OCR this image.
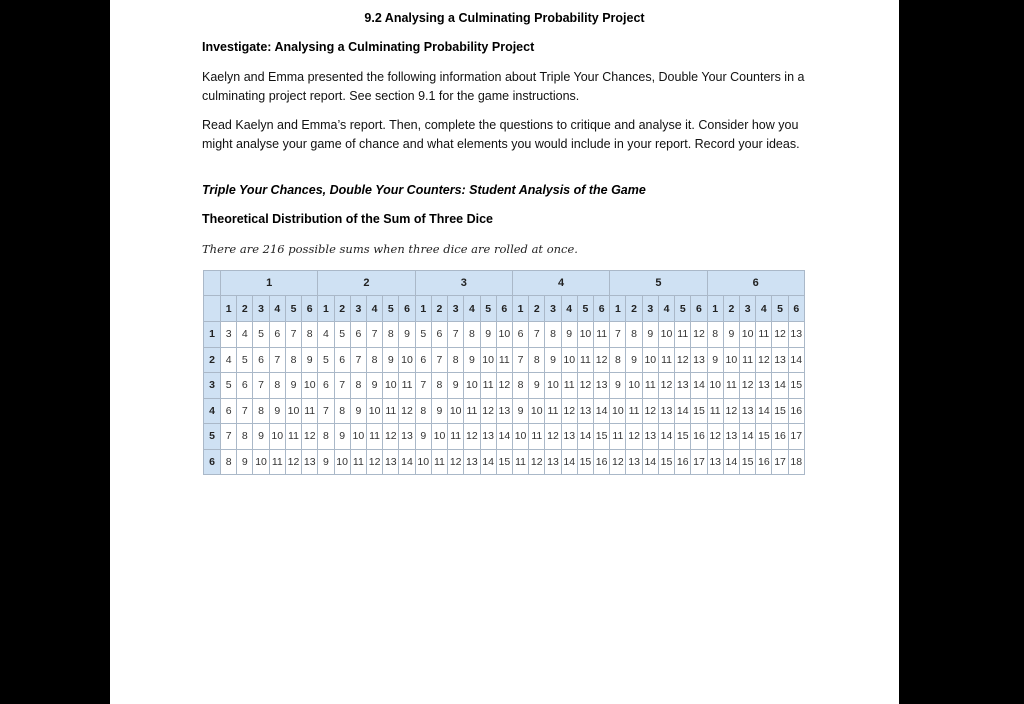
9.2 Analysing a Culminating Probability Project
Investigate: Analysing a Culminating Probability Project
Kaelyn and Emma presented the following information about Triple Your Chances, Double Your Counters in a culminating project report. See section 9.1 for the game instructions.
Read Kaelyn and Emma’s report. Then, complete the questions to critique and analyse it. Consider how you might analyse your game of chance and what elements you would include in your report. Record your ideas.
Triple Your Chances, Double Your Counters: Student Analysis of the Game
Theoretical Distribution of the Sum of Three Dice
There are 216 possible sums when three dice are rolled at once.
	1						2						3						4						5						6					
	1	2	3	4	5	6	1	2	3	4	5	6	1	2	3	4	5	6	1	2	3	4	5	6	1	2	3	4	5	6	1	2	3	4	5	6
1	3	4	5	6	7	8	4	5	6	7	8	9	5	6	7	8	9	10	6	7	8	9	10	11	7	8	9	10	11	12	8	9	10	11	12	13
2	4	5	6	7	8	9	5	6	7	8	9	10	6	7	8	9	10	11	7	8	9	10	11	12	8	9	10	11	12	13	9	10	11	12	13	14
3	5	6	7	8	9	10	6	7	8	9	10	11	7	8	9	10	11	12	8	9	10	11	12	13	9	10	11	12	13	14	10	11	12	13	14	15
4	6	7	8	9	10	11	7	8	9	10	11	12	8	9	10	11	12	13	9	10	11	12	13	14	10	11	12	13	14	15	11	12	13	14	15	16
5	7	8	9	10	11	12	8	9	10	11	12	13	9	10	11	12	13	14	10	11	12	13	14	15	11	12	13	14	15	16	12	13	14	15	16	17
6	8	9	10	11	12	13	9	10	11	12	13	14	10	11	12	13	14	15	11	12	13	14	15	16	12	13	14	15	16	17	13	14	15	16	17	18
